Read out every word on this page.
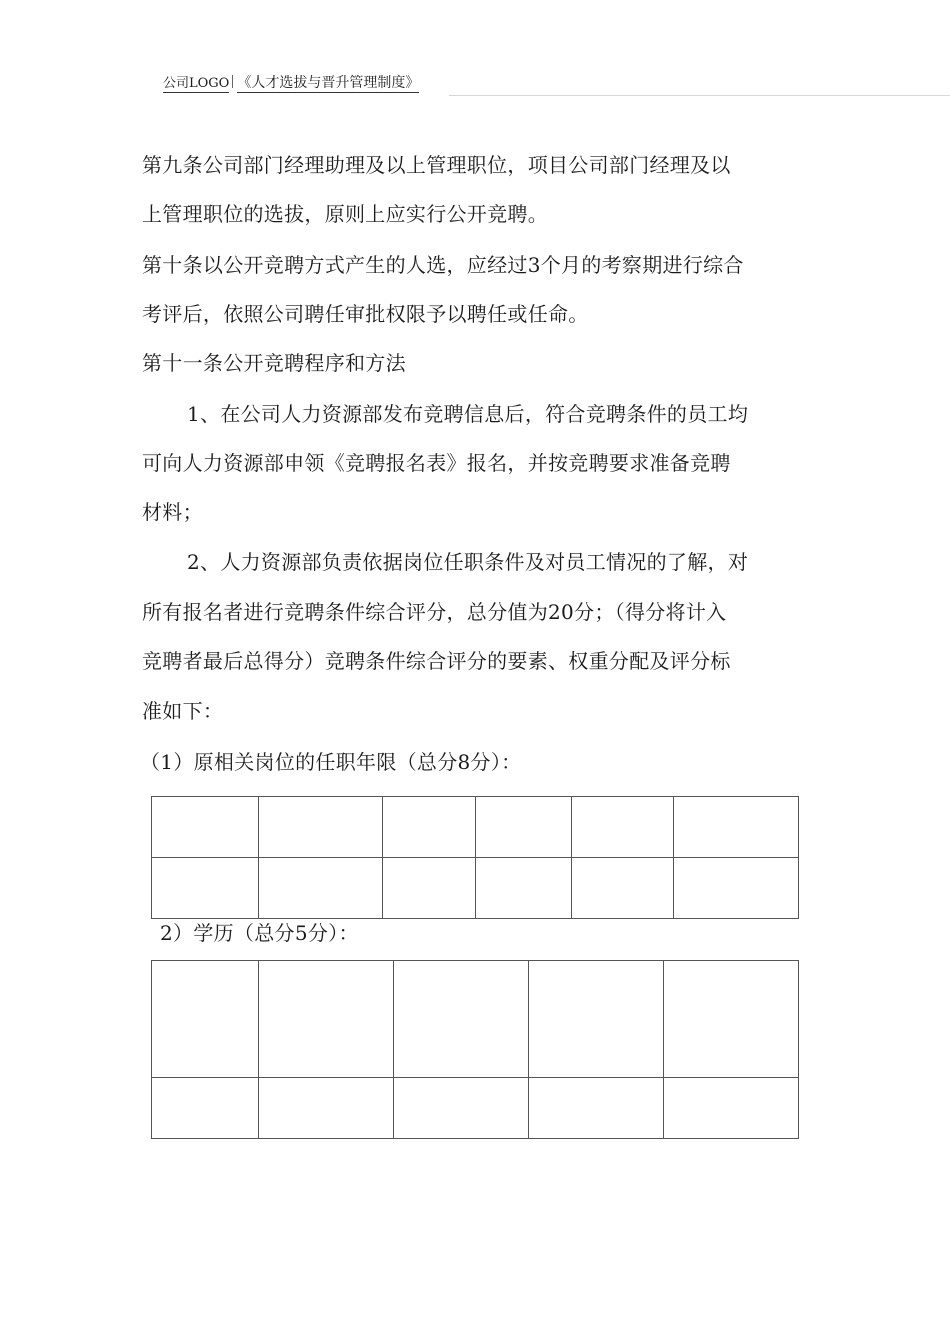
公司LOGO 《人才选拔与晋升管理制度》
第九条公司部门经理助理及以上管理职位，项目公司部门经理及以
上管理职位的选拔，原则上应实行公开竞聘。
第十条以公开竞聘方式产生的人选，应经过3个月的考察期进行综合
考评后，依照公司聘任审批权限予以聘任或任命。
第十一条公开竞聘程序和方法
1、在公司人力资源部发布竞聘信息后，符合竞聘条件的员工均
可向人力资源部申领《竞聘报名表》报名，并按竞聘要求准备竞聘
材料；
2、人力资源部负责依据岗位任职条件及对员工情况的了解，对
所有报名者进行竞聘条件综合评分，总分值为20分；（得分将计入
竞聘者最后总得分）竞聘条件综合评分的要素、权重分配及评分标
准如下：
（1）原相关岗位的任职年限（总分8分）：

2）学历（总分5分）：
